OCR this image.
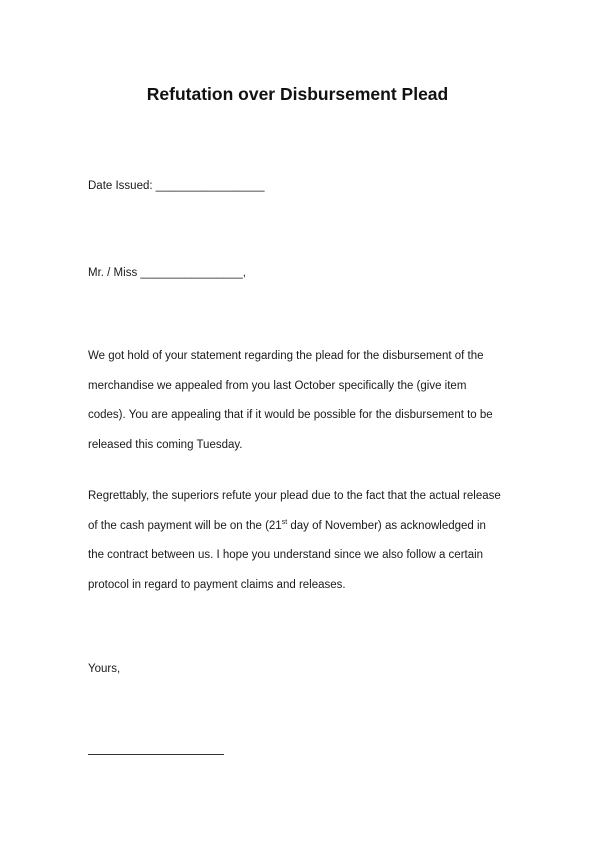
Refutation over Disbursement Plead

Date Issued: _________________

Mr. / Miss ________________,

We got hold of your statement regarding the plead for the disbursement of the

merchandise we appealed from you last October specifically the (give item

codes). You are appealing that if it would be possible for the disbursement to be

released this coming Tuesday.

Regrettably, the superiors refute your plead due to the fact that the actual release

of the cash payment will be on the (21st day of November) as acknowledged in

the contract between us. I hope you understand since we also follow a certain

protocol in regard to payment claims and releases.

Yours,
